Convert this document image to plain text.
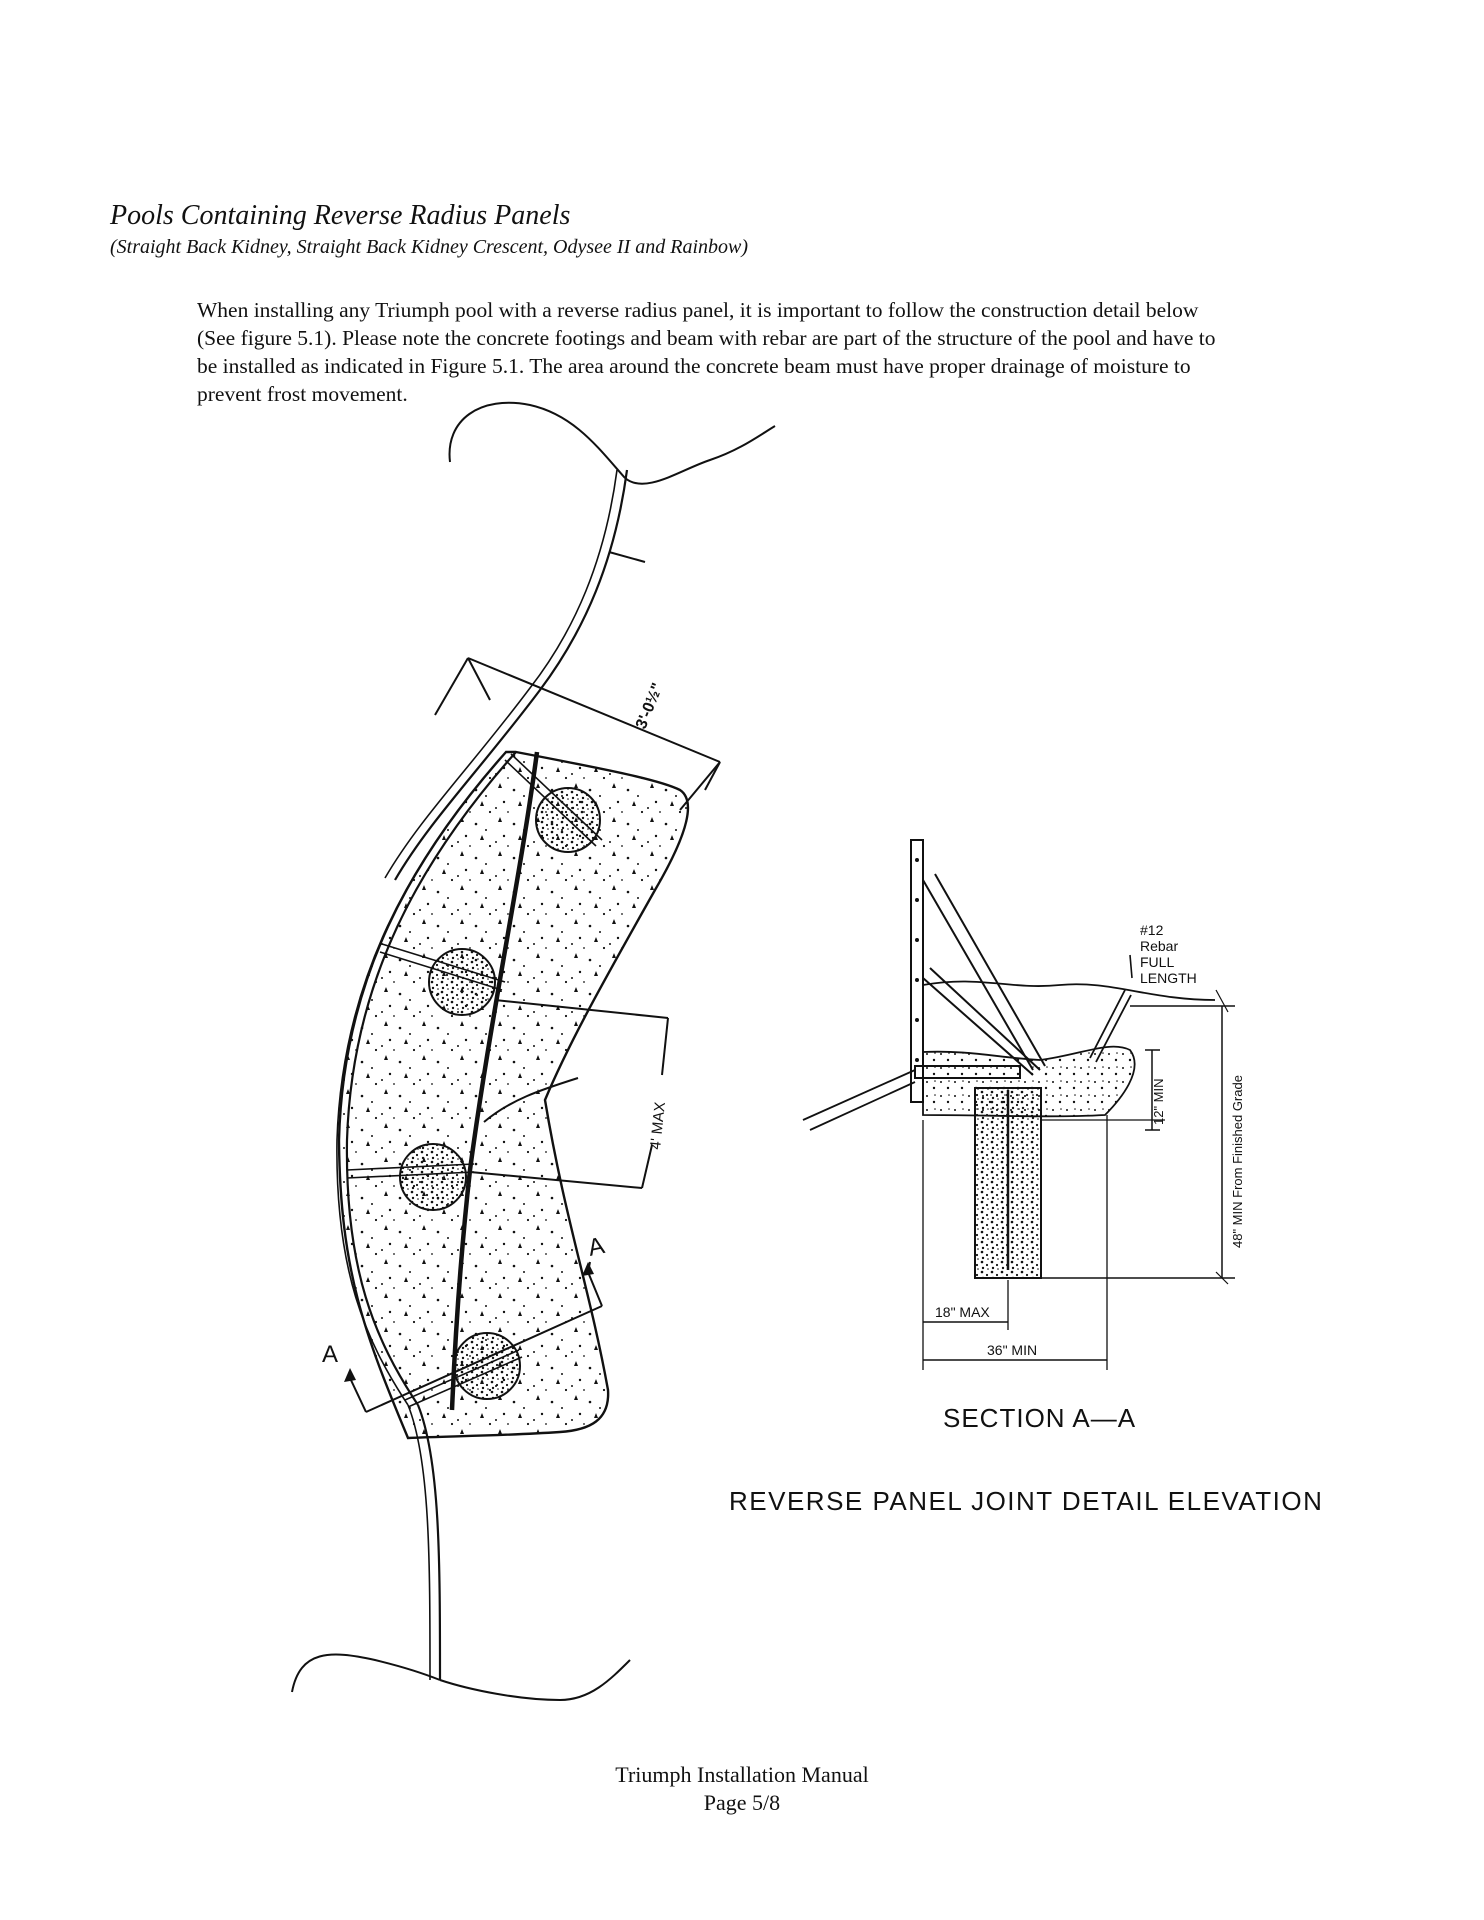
Pools Containing Reverse Radius Panels
(Straight Back Kidney, Straight Back Kidney Crescent, Odysee II and Rainbow)

When installing any Triumph pool with a reverse radius panel, it is important to follow the construction detail below

(See figure 5.1). Please note the concrete footings and beam with rebar are part of the structure of the pool and have to

be installed as indicated in Figure 5.1. The area around the concrete beam must have proper drainage of moisture to

prevent frost movement.

3'-0½"
4' MAX
A
A
#12
Rebar
FULL
LENGTH
12" MIN	48" MIN From Finished Grade
18" MAX
36" MIN
SECTION A—A
REVERSE PANEL JOINT DETAIL ELEVATION
Triumph Installation Manual
Page 5/8
